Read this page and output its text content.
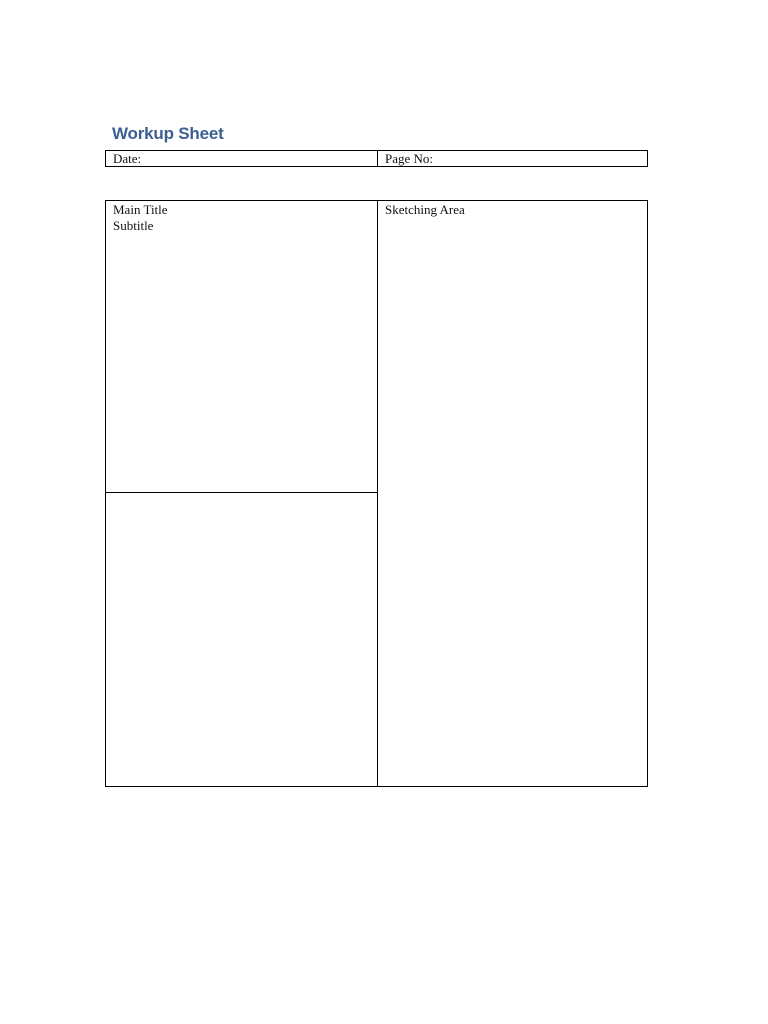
Workup Sheet
Date:	Page No:
Main Title
Subtitle
Sketching Area
